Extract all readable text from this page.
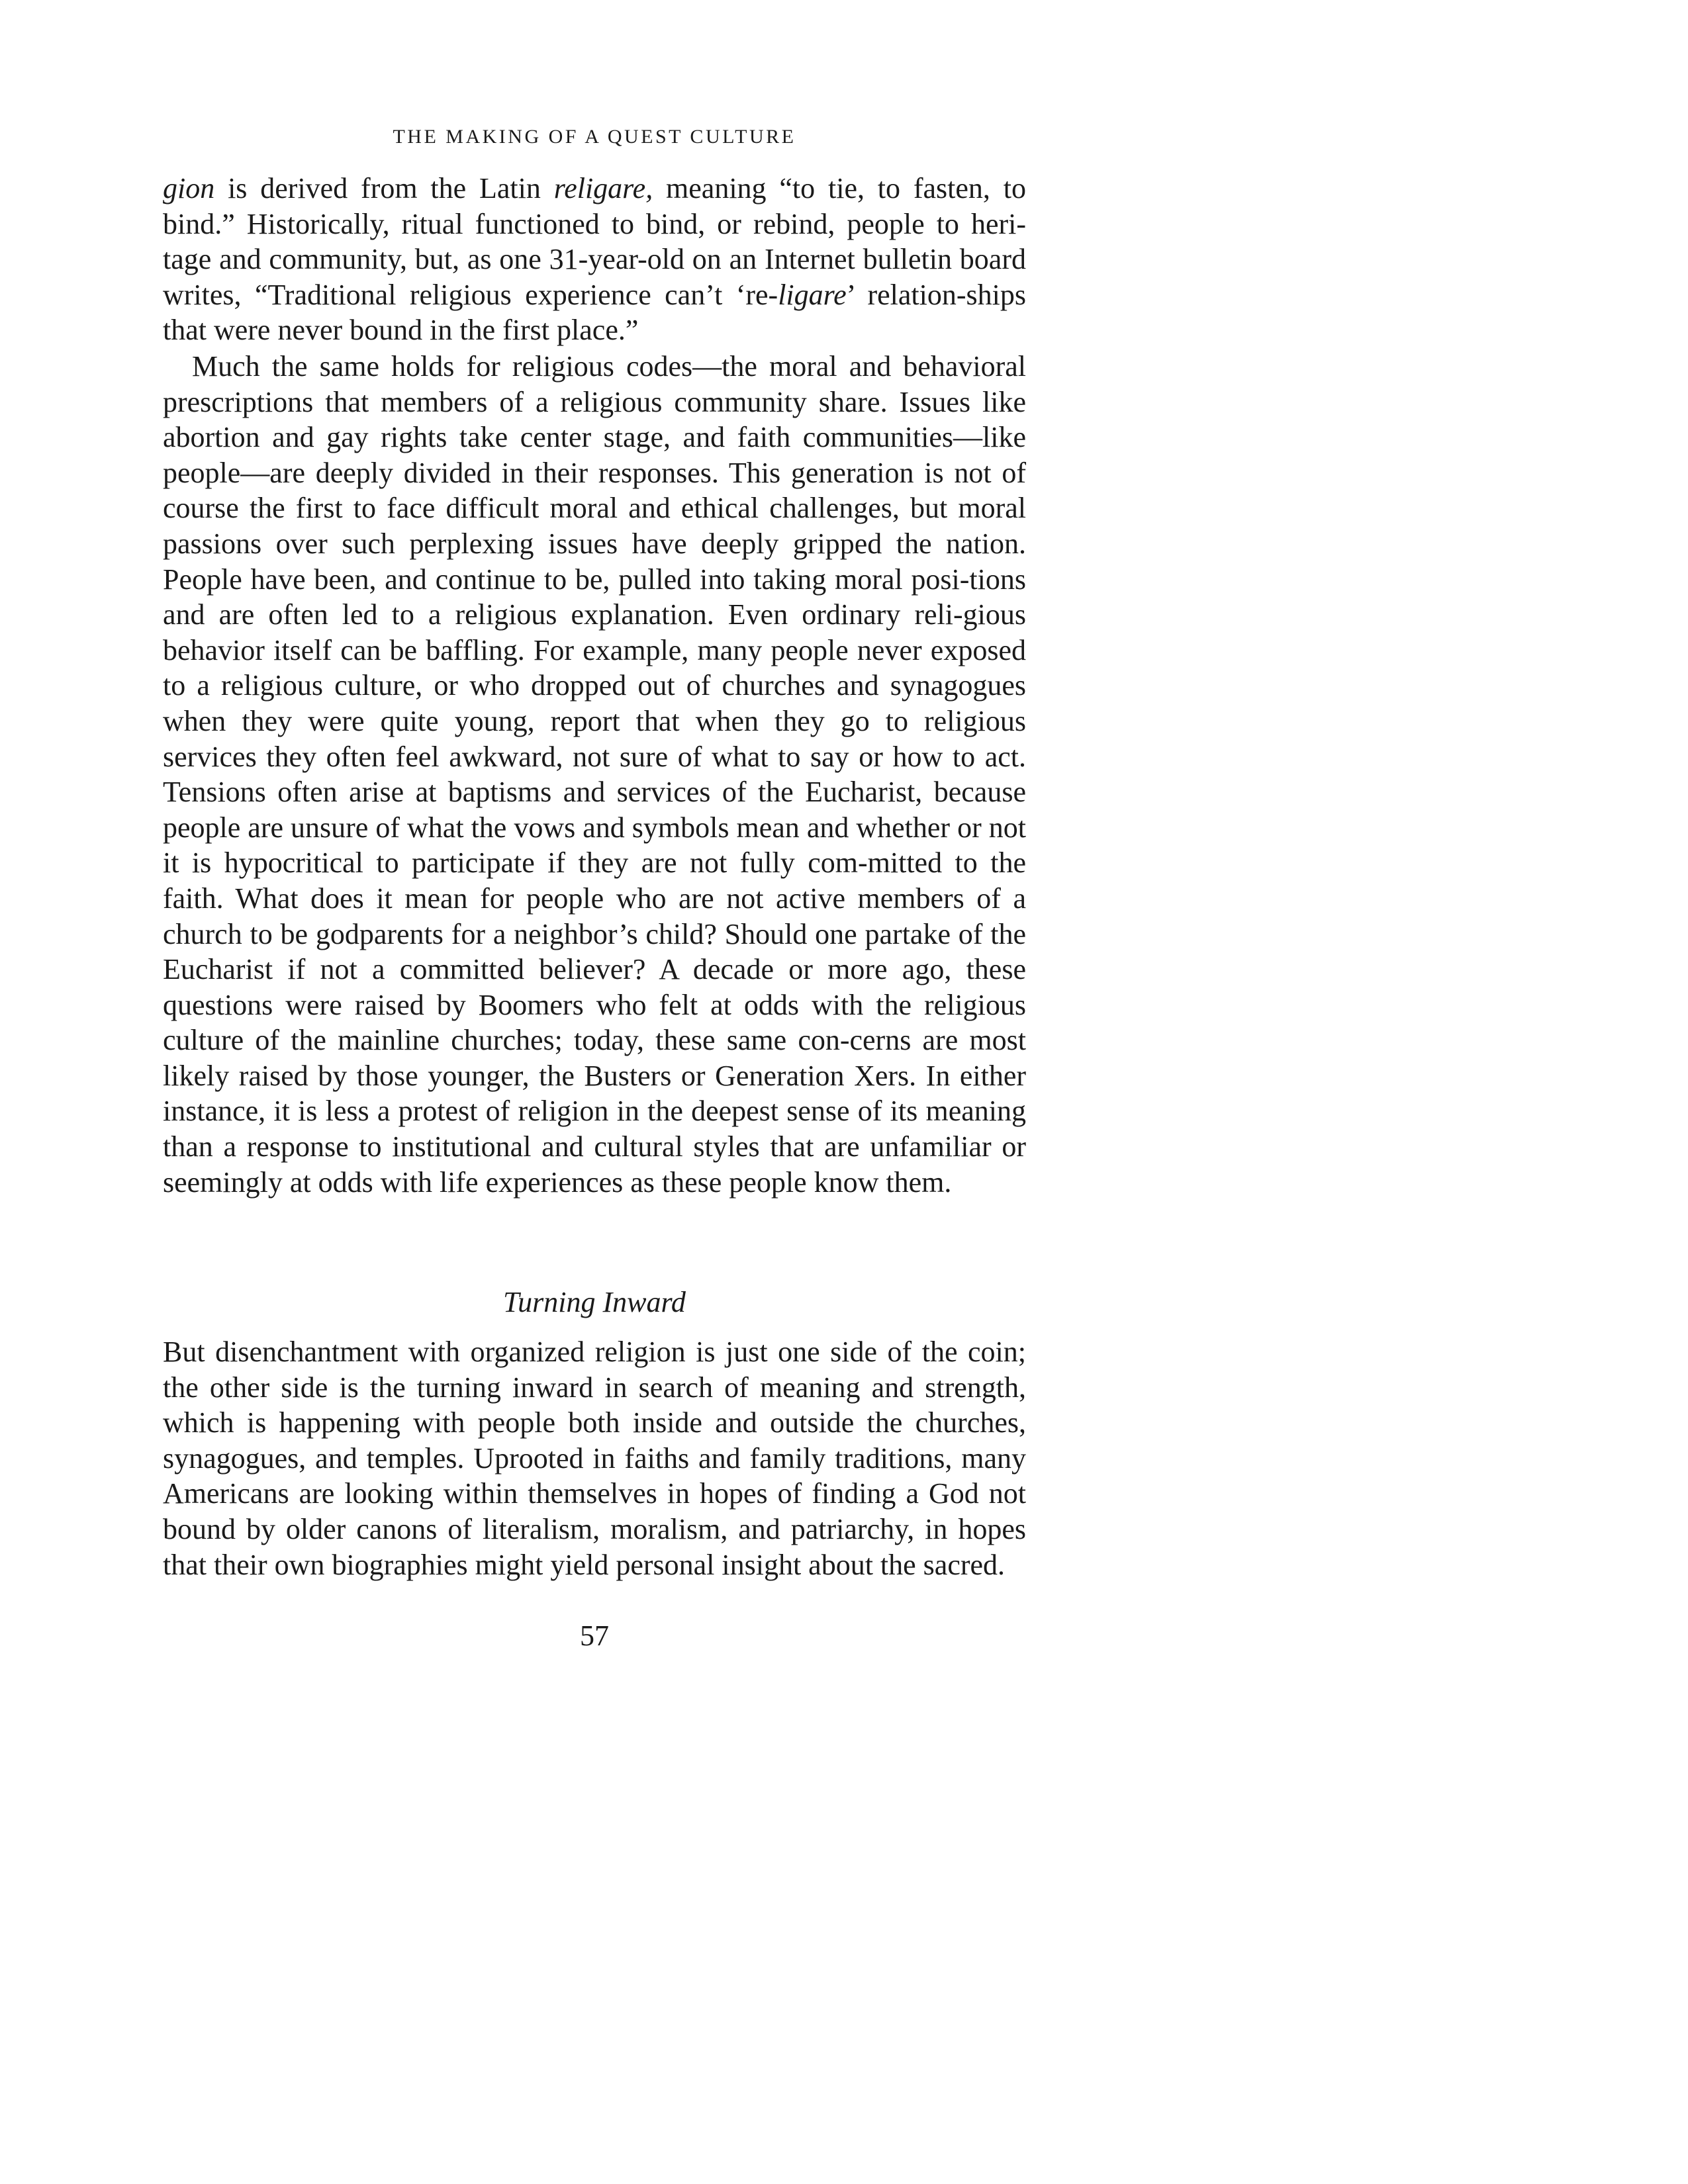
THE MAKING OF A QUEST CULTURE

gion is derived from the Latin religare, meaning “to tie, to fasten, to bind.” Historically, ritual functioned to bind, or rebind, people to heri-tage and community, but, as one 31-year-old on an Internet bulletin board writes, “Traditional religious experience can’t ‘re-ligare’ relation-ships that were never bound in the first place.”

Much the same holds for religious codes—the moral and behavioral prescriptions that members of a religious community share. Issues like abortion and gay rights take center stage, and faith communities—like people—are deeply divided in their responses. This generation is not of course the first to face difficult moral and ethical challenges, but moral passions over such perplexing issues have deeply gripped the nation. People have been, and continue to be, pulled into taking moral posi-tions and are often led to a religious explanation. Even ordinary reli-gious behavior itself can be baffling. For example, many people never exposed to a religious culture, or who dropped out of churches and synagogues when they were quite young, report that when they go to religious services they often feel awkward, not sure of what to say or how to act. Tensions often arise at baptisms and services of the Eucharist, because people are unsure of what the vows and symbols mean and whether or not it is hypocritical to participate if they are not fully com-mitted to the faith. What does it mean for people who are not active members of a church to be godparents for a neighbor’s child? Should one partake of the Eucharist if not a committed believer? A decade or more ago, these questions were raised by Boomers who felt at odds with the religious culture of the mainline churches; today, these same con-cerns are most likely raised by those younger, the Busters or Generation Xers. In either instance, it is less a protest of religion in the deepest sense of its meaning than a response to institutional and cultural styles that are unfamiliar or seemingly at odds with life experiences as these people know them.

Turning Inward

But disenchantment with organized religion is just one side of the coin; the other side is the turning inward in search of meaning and strength, which is happening with people both inside and outside the churches, synagogues, and temples. Uprooted in faiths and family traditions, many Americans are looking within themselves in hopes of finding a God not bound by older canons of literalism, moralism, and patriarchy, in hopes that their own biographies might yield personal insight about the sacred.

57
